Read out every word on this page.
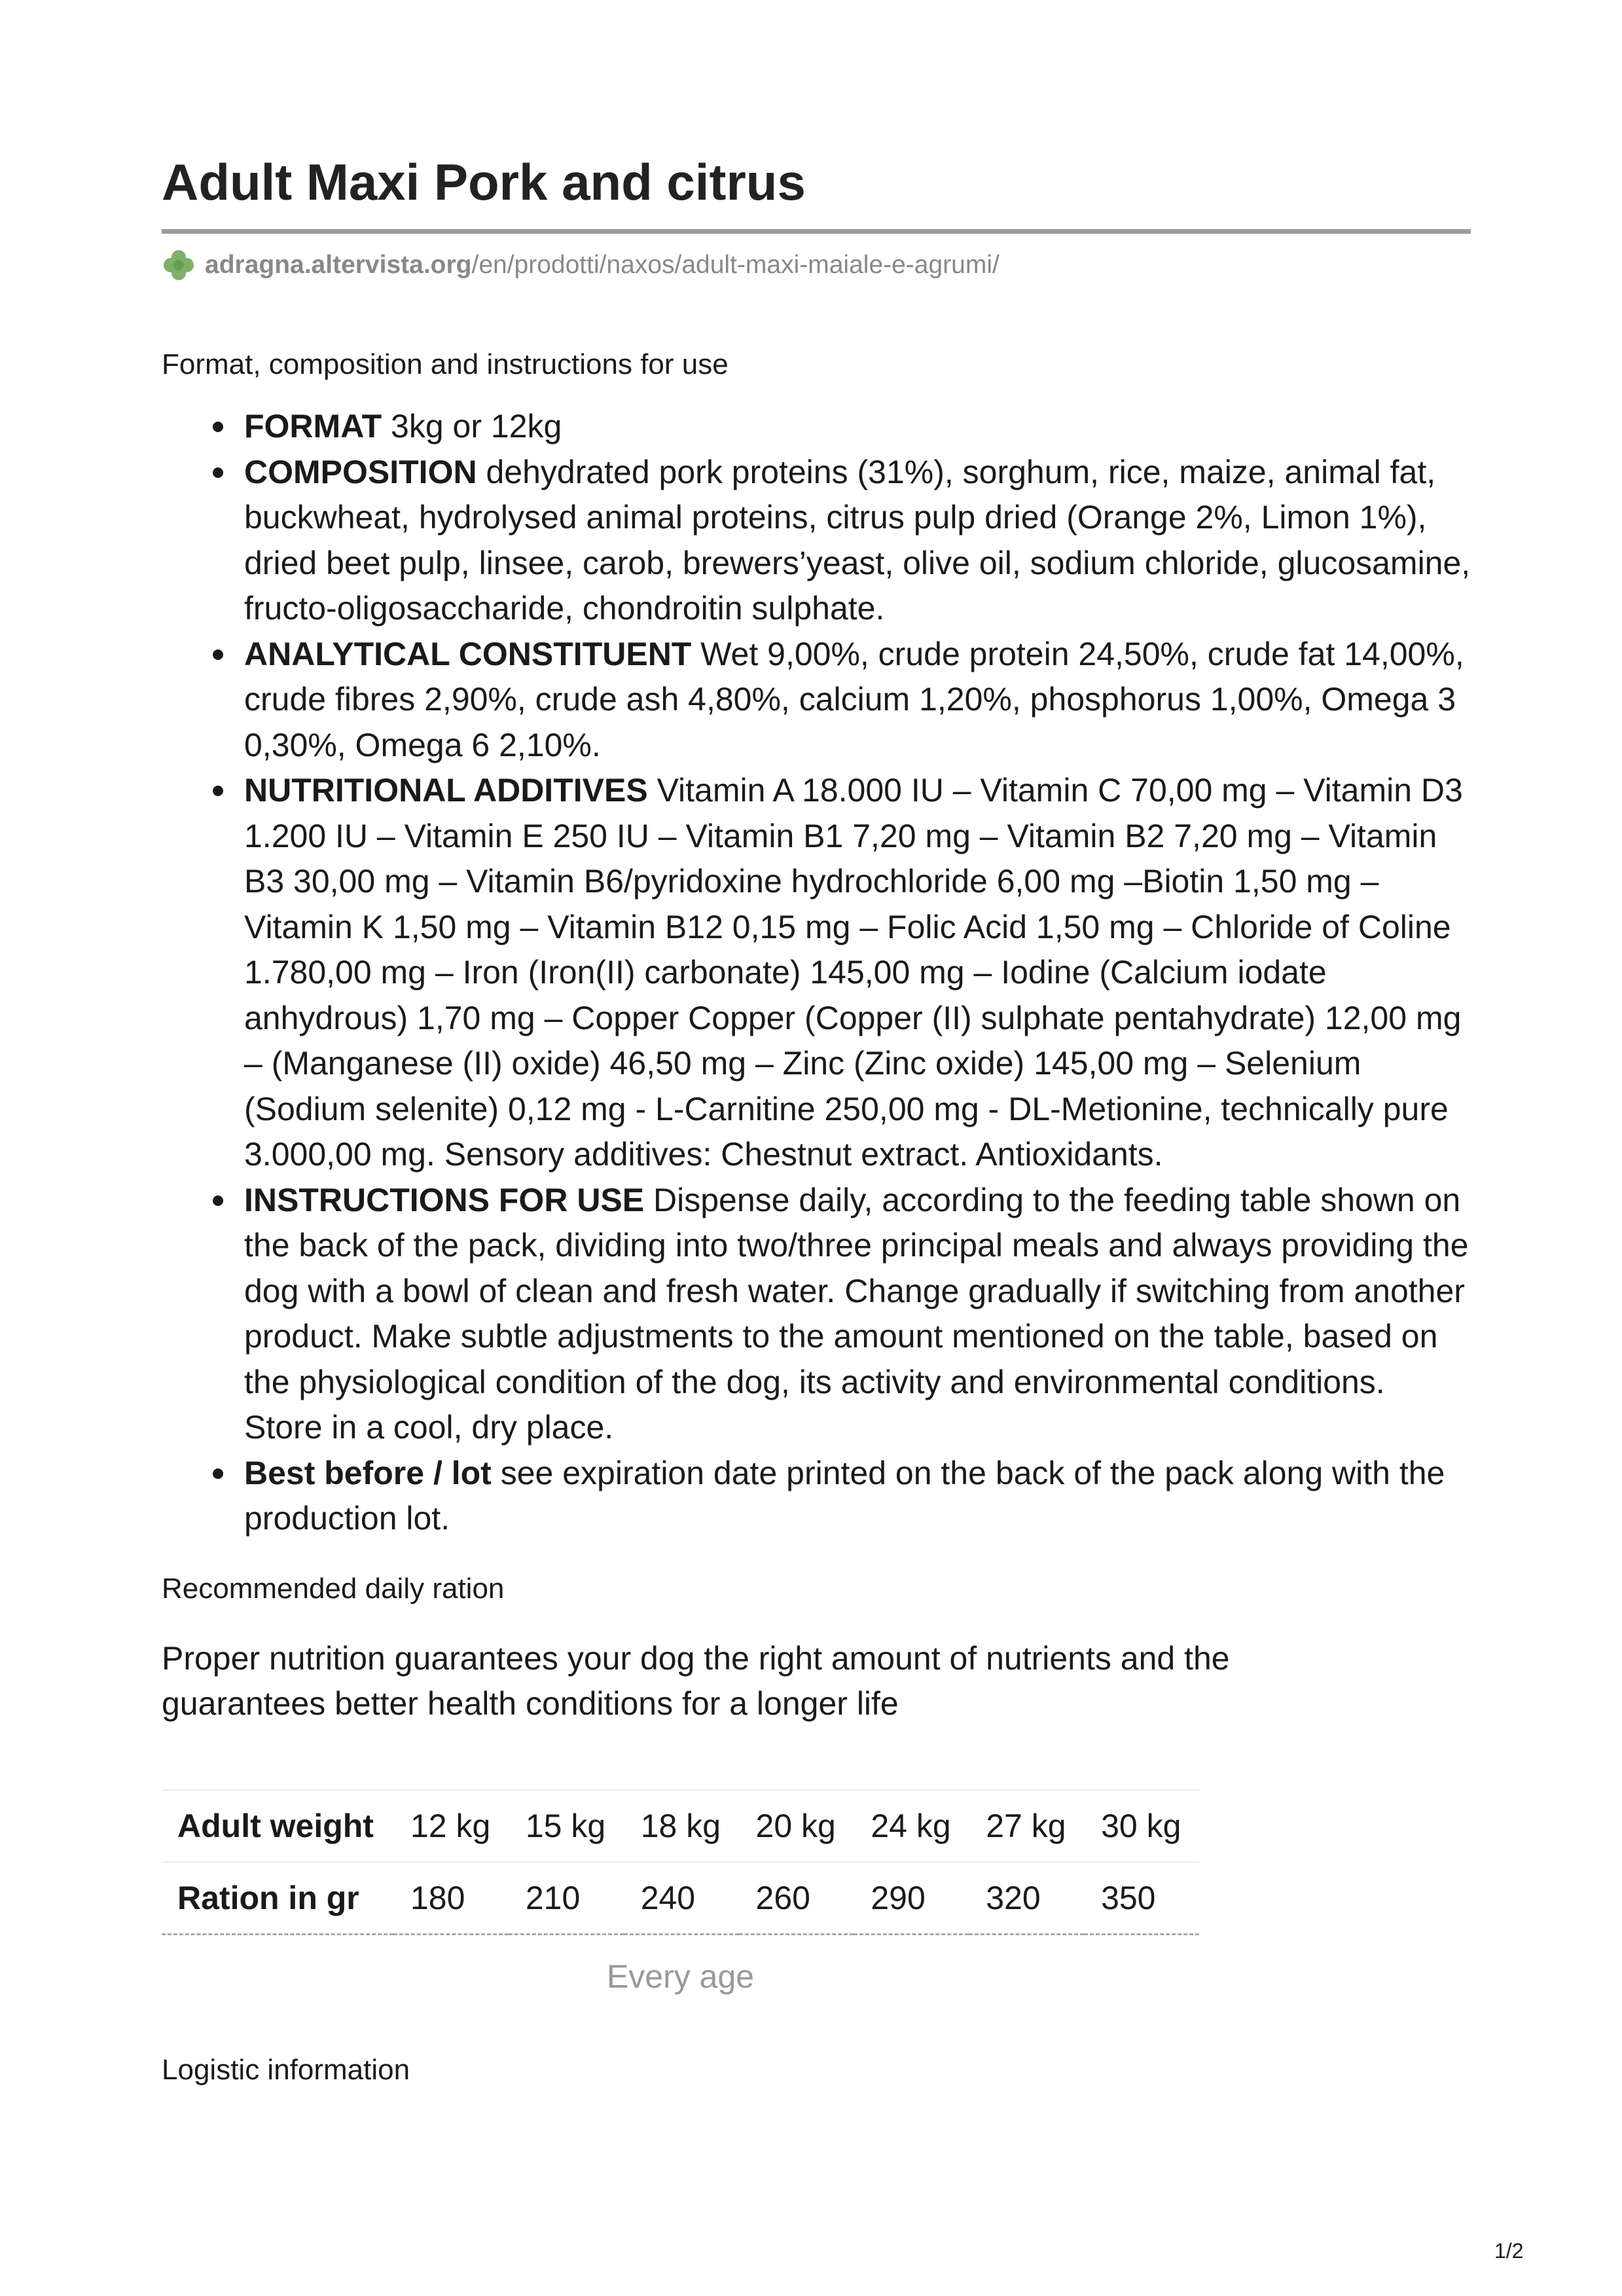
Adult Maxi Pork and citrus
adragna.altervista.org /en/prodotti/naxos/adult-maxi-maiale-e-agrumi/
Format, composition and instructions for use
FORMAT 3kg or 12kg
COMPOSITION dehydrated pork proteins (31%), sorghum, rice, maize, animal fat, buckwheat, hydrolysed animal proteins, citrus pulp dried (Orange 2%, Limon 1%), dried beet pulp, linsee, carob, brewers’yeast, olive oil, sodium chloride, glucosamine, fructo-oligosaccharide, chondroitin sulphate.
ANALYTICAL CONSTITUENT Wet 9,00%, crude protein 24,50%, crude fat 14,00%, crude fibres 2,90%, crude ash 4,80%, calcium 1,20%, phosphorus 1,00%, Omega 3 0,30%, Omega 6 2,10%.
NUTRITIONAL ADDITIVES Vitamin A 18.000 IU – Vitamin C 70,00 mg – Vitamin D3 1.200 IU – Vitamin E 250 IU – Vitamin B1 7,20 mg – Vitamin B2 7,20 mg – Vitamin B3 30,00 mg – Vitamin B6/pyridoxine hydrochloride 6,00 mg –Biotin 1,50 mg – Vitamin K 1,50 mg – Vitamin B12 0,15 mg – Folic Acid 1,50 mg – Chloride of Coline 1.780,00 mg – Iron (Iron(II) carbonate) 145,00 mg – Iodine (Calcium iodate anhydrous) 1,70 mg – Copper Copper (Copper (II) sulphate pentahydrate) 12,00 mg – (Manganese (II) oxide) 46,50 mg – Zinc (Zinc oxide) 145,00 mg – Selenium (Sodium selenite) 0,12 mg - L-Carnitine 250,00 mg - DL-Metionine, technically pure 3.000,00 mg. Sensory additives: Chestnut extract. Antioxidants.
INSTRUCTIONS FOR USE Dispense daily, according to the feeding table shown on the back of the pack, dividing into two/three principal meals and always providing the dog with a bowl of clean and fresh water. Change gradually if switching from another product. Make subtle adjustments to the amount mentioned on the table, based on the physiological condition of the dog, its activity and environmental conditions. Store in a cool, dry place.
Best before / lot see expiration date printed on the back of the pack along with the production lot.
Recommended daily ration
Proper nutrition guarantees your dog the right amount of nutrients and the guarantees better health conditions for a longer life
Adult weight	12 kg	15 kg	18 kg	20 kg	24 kg	27 kg	30 kg
Ration in gr	180	210	240	260	290	320	350
Every age
Logistic information
1/2
